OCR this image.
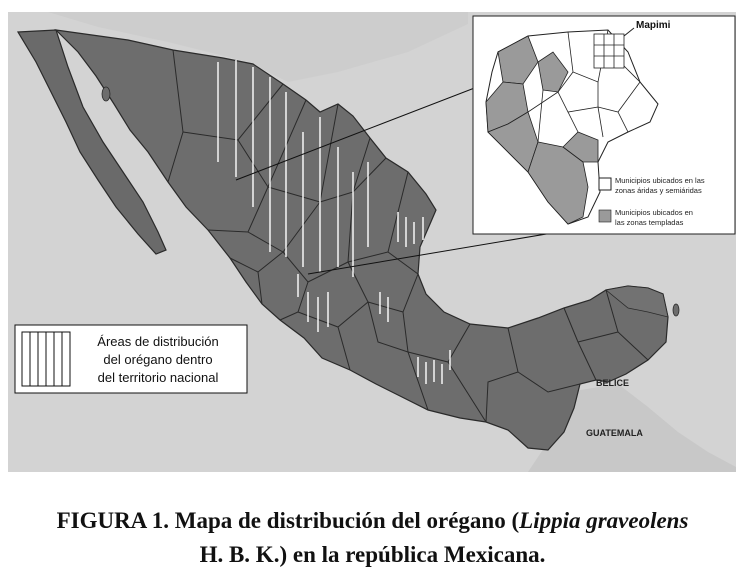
BELICE
GUATEMALA
Mapimi
Municipios ubicados en las
zonas áridas y semiáridas
Municipios ubicados en
las zonas templadas
Áreas de distribución
del orégano dentro
del territorio nacional
FIGURA 1. Mapa de distribución del orégano (Lippia graveolens
H. B. K.) en la república Mexicana.
